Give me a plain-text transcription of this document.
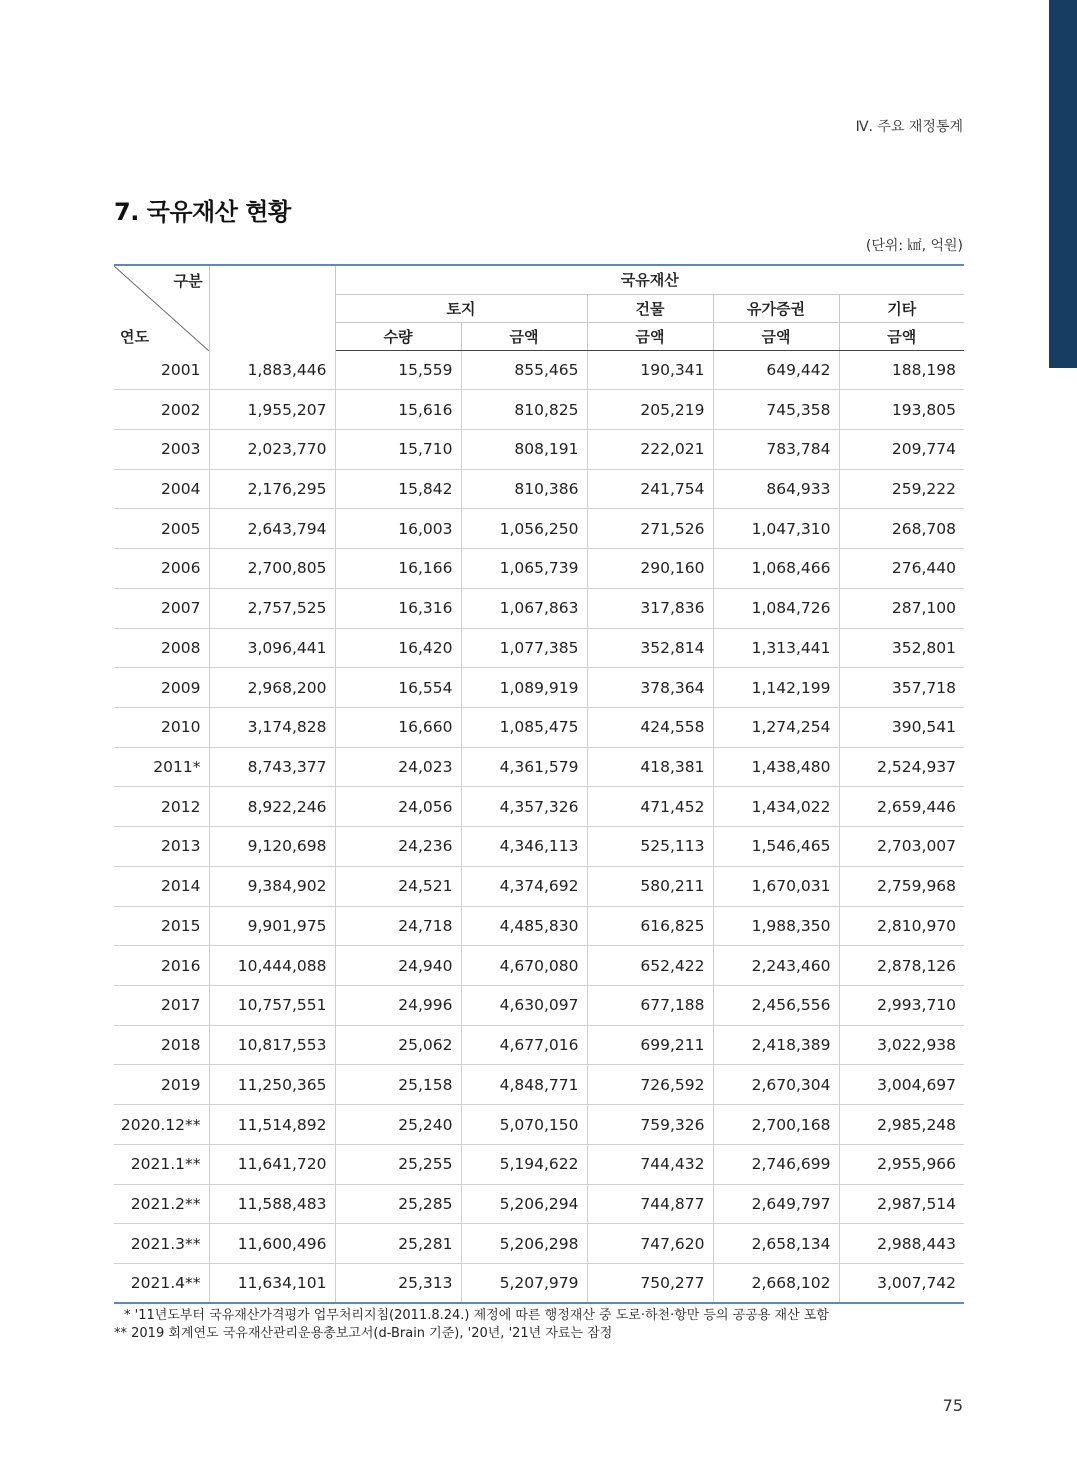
Ⅳ. 주요 재정통계
7. 국유재산 현황
(단위: ㎢, 억원)
구분
연도		국유재산				
		토지		건물	유가증권	기타
		수량	금액	금액	금액	금액
2001	1,883,446	15,559	855,465	190,341	649,442	188,198
2002	1,955,207	15,616	810,825	205,219	745,358	193,805
2003	2,023,770	15,710	808,191	222,021	783,784	209,774
2004	2,176,295	15,842	810,386	241,754	864,933	259,222
2005	2,643,794	16,003	1,056,250	271,526	1,047,310	268,708
2006	2,700,805	16,166	1,065,739	290,160	1,068,466	276,440
2007	2,757,525	16,316	1,067,863	317,836	1,084,726	287,100
2008	3,096,441	16,420	1,077,385	352,814	1,313,441	352,801
2009	2,968,200	16,554	1,089,919	378,364	1,142,199	357,718
2010	3,174,828	16,660	1,085,475	424,558	1,274,254	390,541
2011*	8,743,377	24,023	4,361,579	418,381	1,438,480	2,524,937
2012	8,922,246	24,056	4,357,326	471,452	1,434,022	2,659,446
2013	9,120,698	24,236	4,346,113	525,113	1,546,465	2,703,007
2014	9,384,902	24,521	4,374,692	580,211	1,670,031	2,759,968
2015	9,901,975	24,718	4,485,830	616,825	1,988,350	2,810,970
2016	10,444,088	24,940	4,670,080	652,422	2,243,460	2,878,126
2017	10,757,551	24,996	4,630,097	677,188	2,456,556	2,993,710
2018	10,817,553	25,062	4,677,016	699,211	2,418,389	3,022,938
2019	11,250,365	25,158	4,848,771	726,592	2,670,304	3,004,697
2020.12**	11,514,892	25,240	5,070,150	759,326	2,700,168	2,985,248
2021.1**	11,641,720	25,255	5,194,622	744,432	2,746,699	2,955,966
2021.2**	11,588,483	25,285	5,206,294	744,877	2,649,797	2,987,514
2021.3**	11,600,496	25,281	5,206,298	747,620	2,658,134	2,988,443
2021.4**	11,634,101	25,313	5,207,979	750,277	2,668,102	3,007,742
* '11년도부터 국유재산가격평가 업무처리지침(2011.8.24.) 제정에 따른 행정재산 중 도로·하천·항만 등의 공공용 재산 포함
** 2019 회계연도 국유재산관리운용총보고서(d-Brain 기준), '20년, '21년 자료는 잠정
75
